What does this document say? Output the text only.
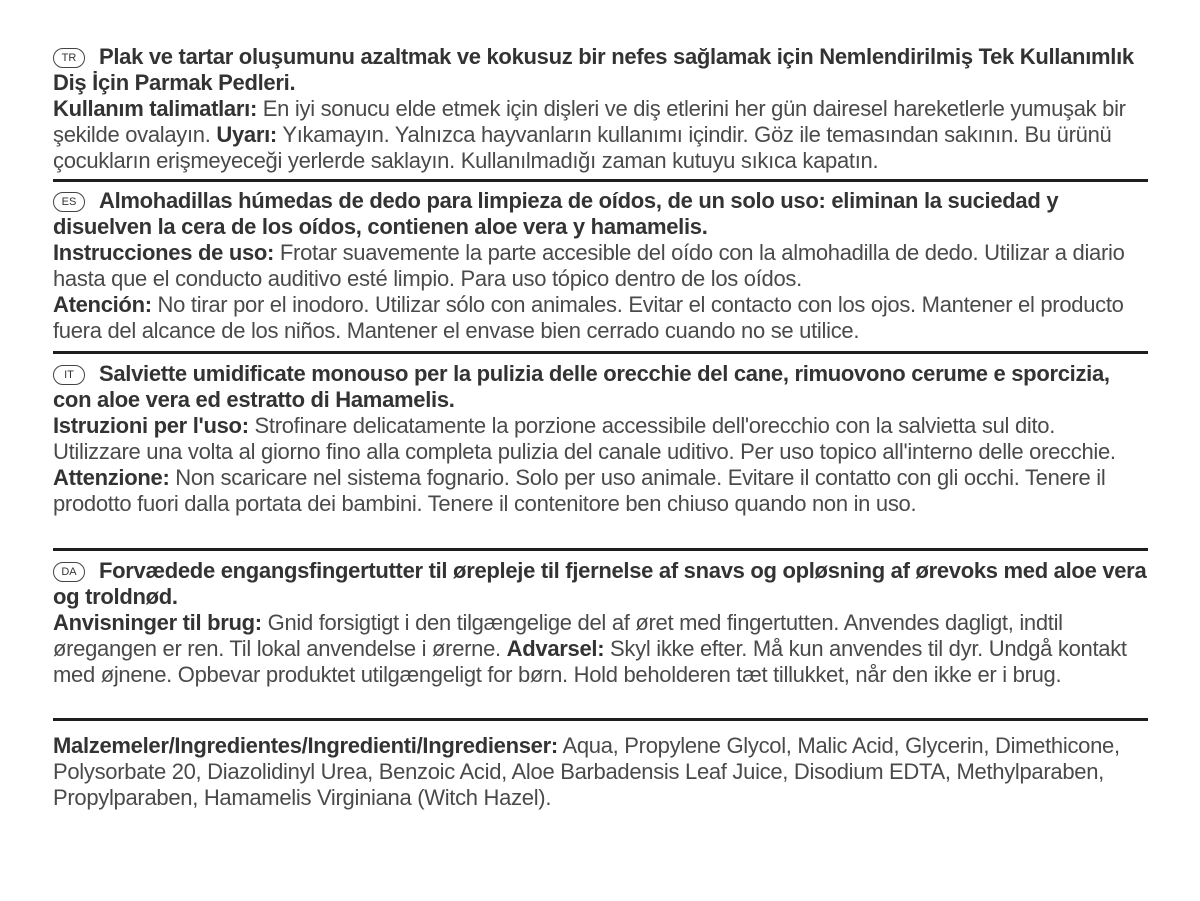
TR Plak ve tartar oluşumunu azaltmak ve kokusuz bir nefes sağlamak için Nemlendirilmiş Tek Kullanımlık Diş İçin Parmak Pedleri.
Kullanım talimatları: En iyi sonucu elde etmek için dişleri ve diş etlerini her gün dairesel hareketlerle yumuşak bir şekilde ovalayın. Uyarı: Yıkamayın. Yalnızca hayvanların kullanımı içindir. Göz ile temasından sakının. Bu ürünü çocukların erişmeyeceği yerlerde saklayın. Kullanılmadığı zaman kutuyu sıkıca kapatın.
ES Almohadillas húmedas de dedo para limpieza de oídos, de un solo uso: eliminan la suciedad y disuelven la cera de los oídos, contienen aloe vera y hamamelis.
Instrucciones de uso: Frotar suavemente la parte accesible del oído con la almohadilla de dedo. Utilizar a diario hasta que el conducto auditivo esté limpio. Para uso tópico dentro de los oídos.
Atención: No tirar por el inodoro. Utilizar sólo con animales. Evitar el contacto con los ojos. Mantener el producto fuera del alcance de los niños. Mantener el envase bien cerrado cuando no se utilice.
IT Salviette umidificate monouso per la pulizia delle orecchie del cane, rimuovono cerume e sporcizia, con aloe vera ed estratto di Hamamelis.
Istruzioni per l'uso: Strofinare delicatamente la porzione accessibile dell'orecchio con la salvietta sul dito. Utilizzare una volta al giorno fino alla completa pulizia del canale uditivo. Per uso topico all'interno delle orecchie. Attenzione: Non scaricare nel sistema fognario. Solo per uso animale. Evitare il contatto con gli occhi. Tenere il prodotto fuori dalla portata dei bambini. Tenere il contenitore ben chiuso quando non in uso.
DA Forvædede engangsfingertutter til ørepleje til fjernelse af snavs og opløsning af ørevoks med aloe vera og troldnød.
Anvisninger til brug: Gnid forsigtigt i den tilgængelige del af øret med fingertutten. Anvendes dagligt, indtil øregangen er ren. Til lokal anvendelse i ørerne. Advarsel: Skyl ikke efter. Må kun anvendes til dyr. Undgå kontakt med øjnene. Opbevar produktet utilgængeligt for børn. Hold beholderen tæt tillukket, når den ikke er i brug.
Malzemeler/Ingredientes/Ingredienti/Ingredienser: Aqua, Propylene Glycol, Malic Acid, Glycerin, Dimethicone, Polysorbate 20, Diazolidinyl Urea, Benzoic Acid, Aloe Barbadensis Leaf Juice, Disodium EDTA, Methylparaben, Propylparaben, Hamamelis Virginiana (Witch Hazel).
